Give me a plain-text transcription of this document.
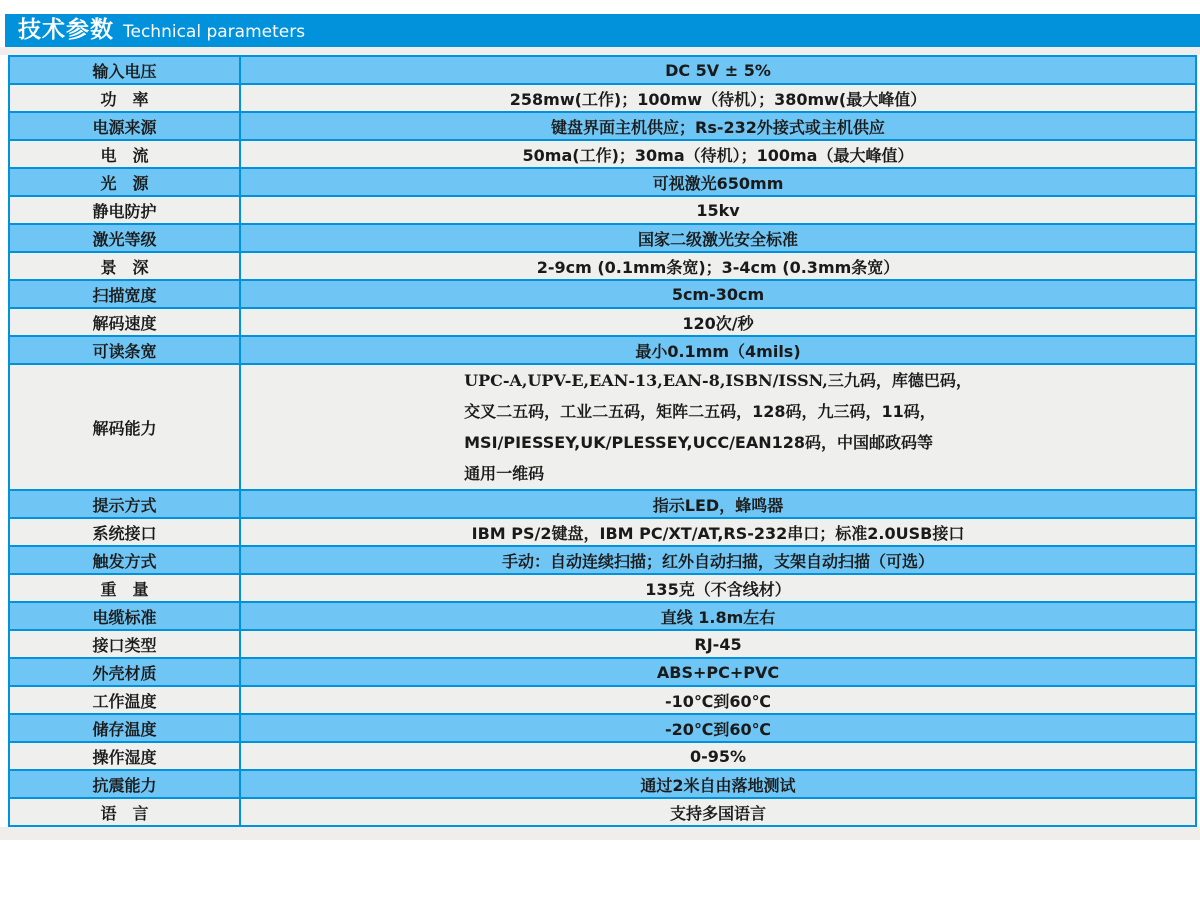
技术参数 Technical parameters
输入电压	DC 5V ± 5%
功　率	258mw(工作)；100mw（待机）；380mw(最大峰值）
电源来源	键盘界面主机供应；Rs-232外接式或主机供应
电　流	50ma(工作)；30ma（待机）；100ma（最大峰值）
光　源	可视激光650mm
静电防护	15kv
激光等级	国家二级激光安全标准
景　深	2-9cm (0.1mm条宽)；3-4cm (0.3mm条宽）
扫描宽度	5cm-30cm
解码速度	120次/秒
可读条宽	最小0.1mm（4mils)
解码能力	UPC-A,UPV-E,EAN-13,EAN-8,ISBN/ISSN,三九码，库德巴码，
交叉二五码，工业二五码，矩阵二五码，128码，九三码，11码，
MSI/PIESSEY,UK/PLESSEY,UCC/EAN128码，中国邮政码等
通用一维码

提示方式	指示LED，蜂鸣器
系统接口	IBM PS/2键盘，IBM PC/XT/AT,RS-232串口；标准2.0USB接口
触发方式	手动：自动连续扫描；红外自动扫描，支架自动扫描（可选）
重　量	135克（不含线材）
电缆标准	直线 1.8m左右
接口类型	RJ-45
外壳材质	ABS+PC+PVC
工作温度	-10℃到60℃
储存温度	-20℃到60℃
操作湿度	0-95%
抗震能力	通过2米自由落地测试
语　言	支持多国语言
